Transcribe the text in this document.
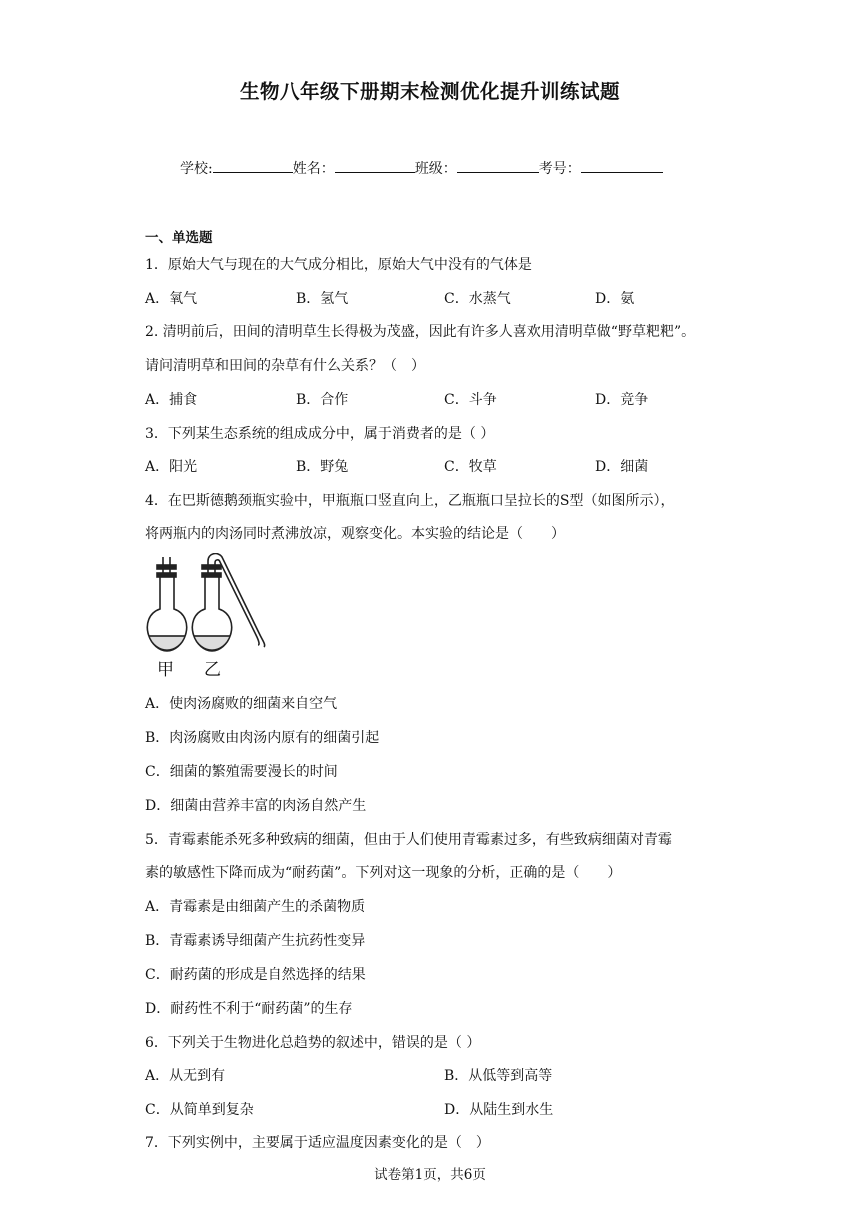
生物八年级下册期末检测优化提升训练试题
学校:	姓名：	班级：	考号：
一、单选题
1．原始大气与现在的大气成分相比，原始大气中没有的气体是
A．氧气	B．氢气	C．水蒸气	D．氨
2. 清明前后，田间的清明草生长得极为茂盛，因此有许多人喜欢用清明草做“野草粑粑”。
请问清明草和田间的杂草有什么关系？（　）
A．捕食	B．合作	C．斗争	D．竞争
3．下列某生态系统的组成成分中，属于消费者的是（ ）
A．阳光	B．野兔	C．牧草	D．细菌
4．在巴斯德鹅颈瓶实验中，甲瓶瓶口竖直向上，乙瓶瓶口呈拉长的S型（如图所示），
将两瓶内的肉汤同时煮沸放凉，观察变化。本实验的结论是（　　）
甲 乙
A．使肉汤腐败的细菌来自空气
B．肉汤腐败由肉汤内原有的细菌引起
C．细菌的繁殖需要漫长的时间
D．细菌由营养丰富的肉汤自然产生
5．青霉素能杀死多种致病的细菌，但由于人们使用青霉素过多，有些致病细菌对青霉
素的敏感性下降而成为“耐药菌”。下列对这一现象的分析，正确的是（　　）
A．青霉素是由细菌产生的杀菌物质
B．青霉素诱导细菌产生抗药性变异
C．耐药菌的形成是自然选择的结果
D．耐药性不利于“耐药菌”的生存
6．下列关于生物进化总趋势的叙述中，错误的是（ ）
A．从无到有	B．从低等到高等
C．从简单到复杂	D．从陆生到水生
7．下列实例中，主要属于适应温度因素变化的是（　）
试卷第1页，共6页
